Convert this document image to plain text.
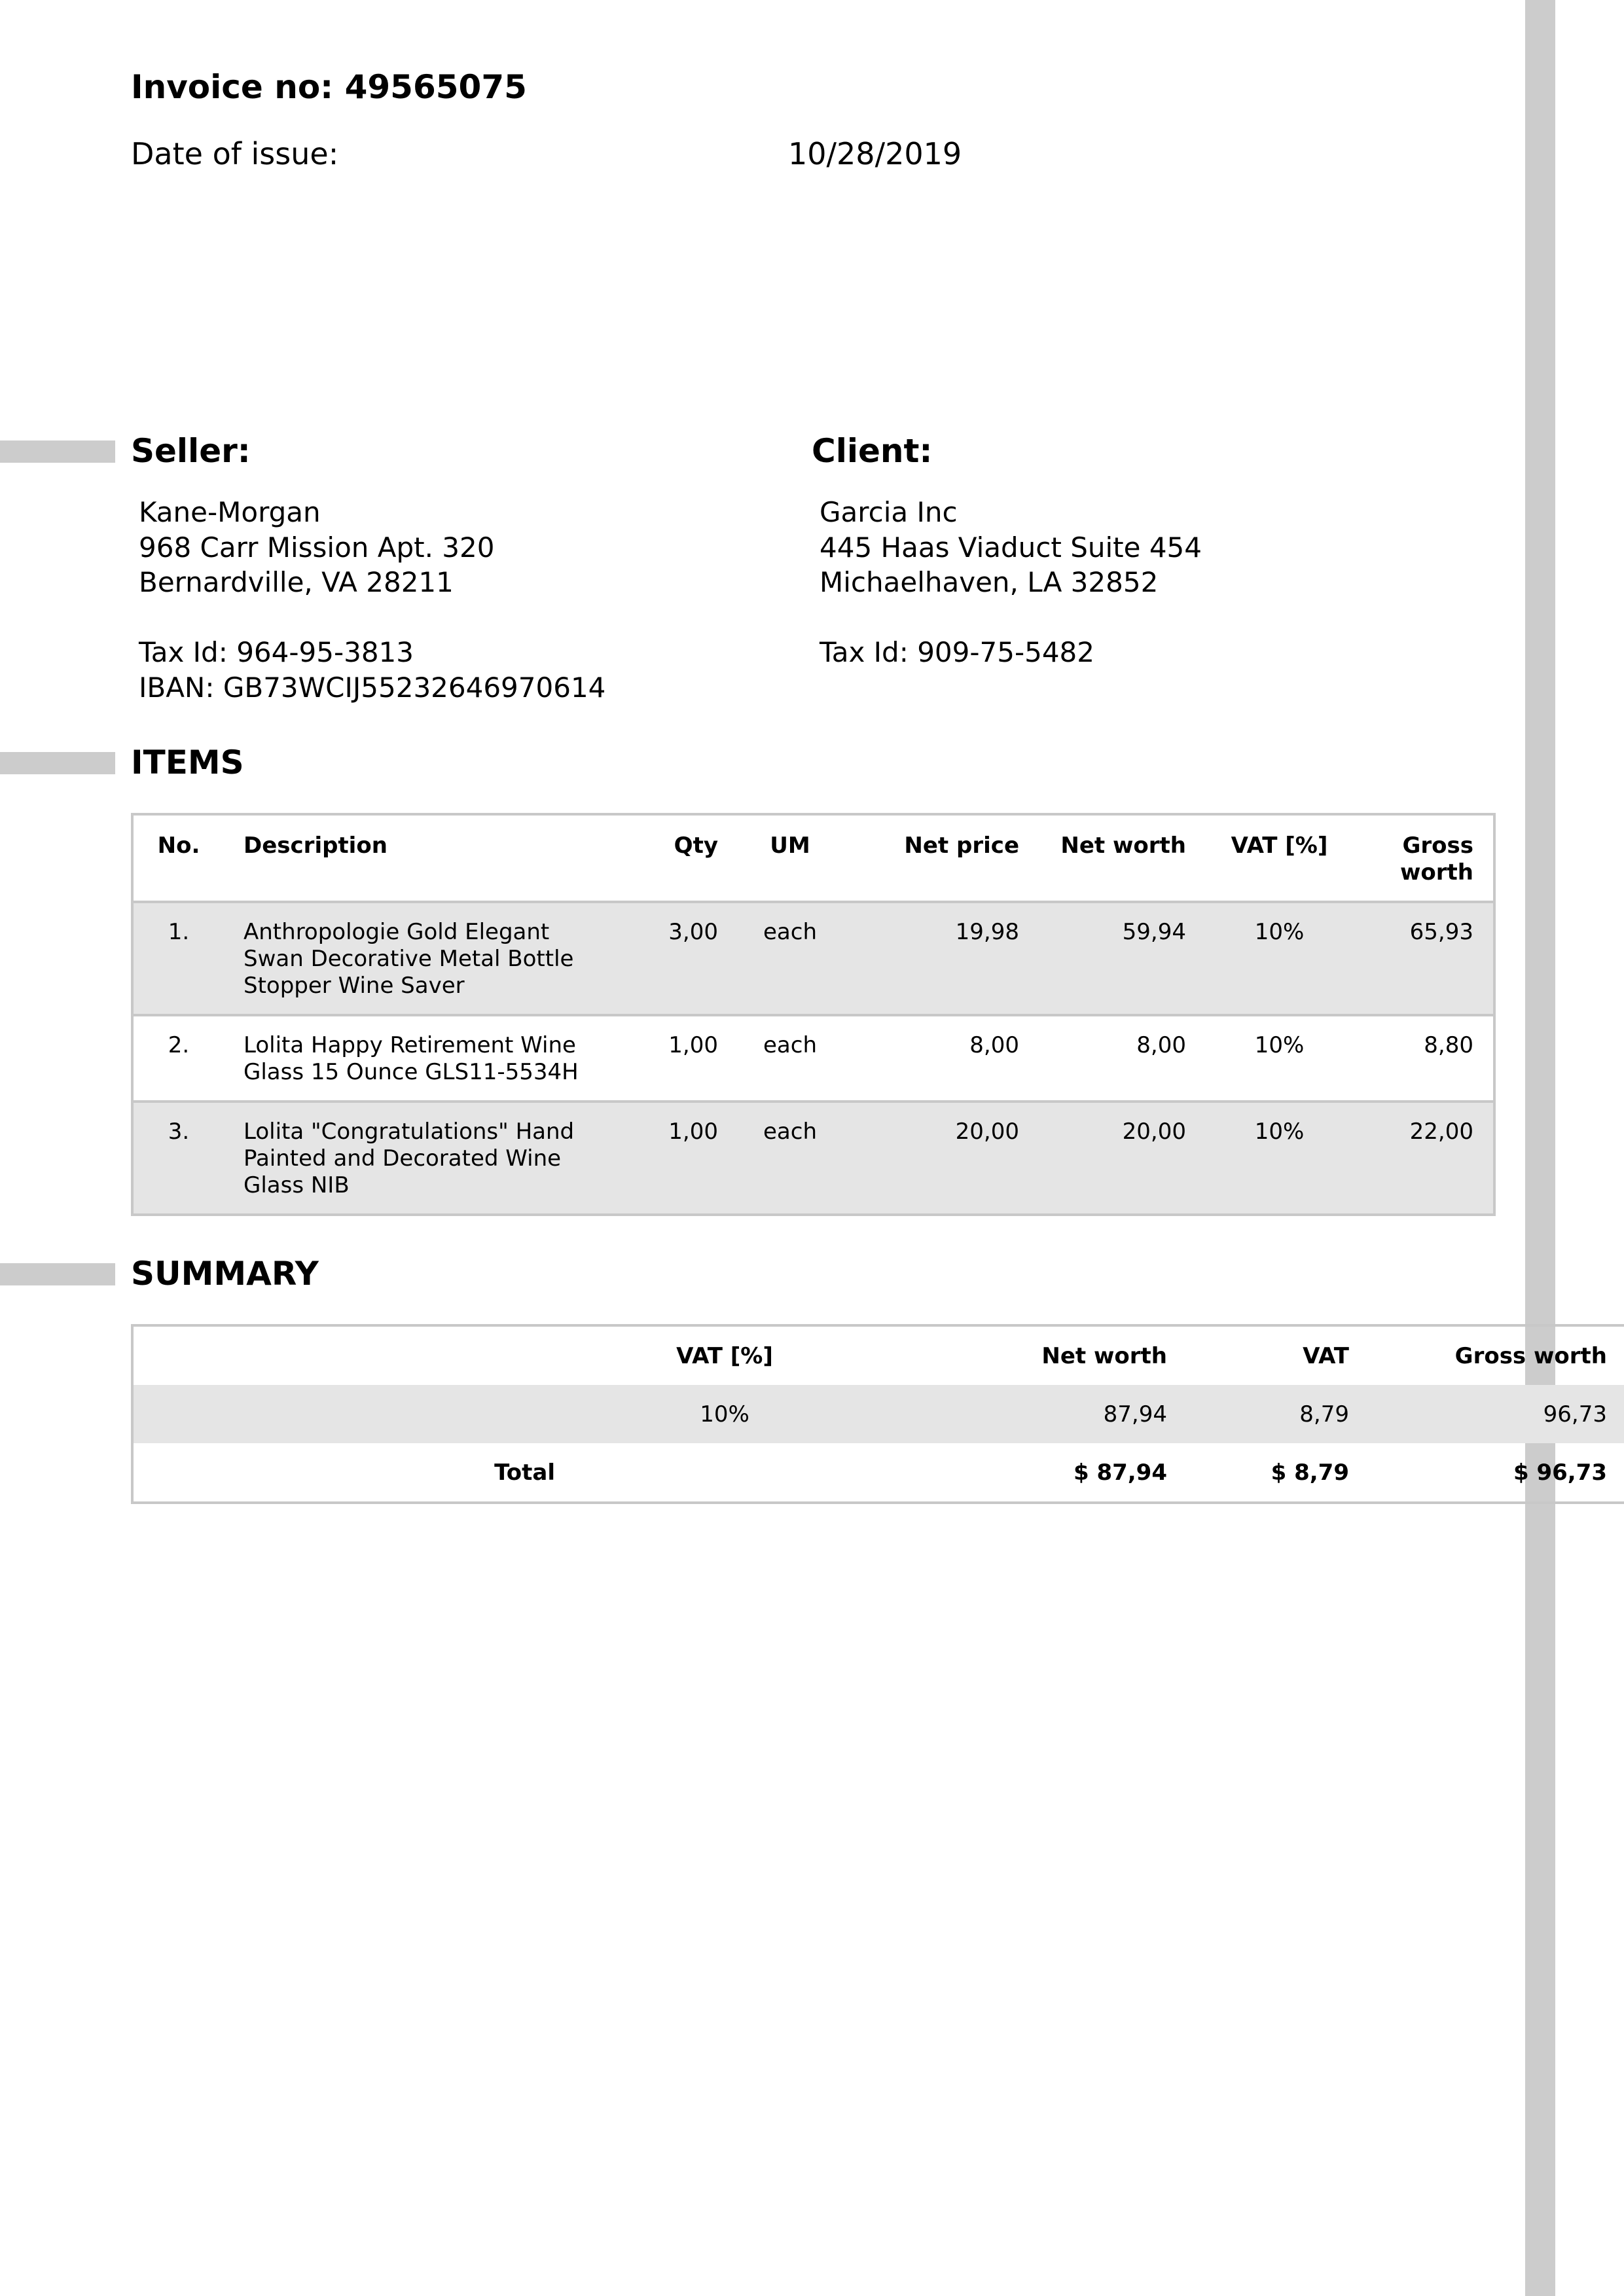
Invoice no: 49565075
Date of issue:	10/28/2019
Seller:
Kane-Morgan
968 Carr Mission Apt. 320
Bernardville, VA 28211
Tax Id: 964-95-3813
IBAN: GB73WCIJ55232646970614
Client:
Garcia Inc
445 Haas Viaduct Suite 454
Michaelhaven, LA 32852
Tax Id: 909-75-5482
ITEMS
No.	Description	Qty	UM	Net price	Net worth	VAT [%]	Gross
worth
1.	Anthropologie Gold Elegant
Swan Decorative Metal Bottle
Stopper Wine Saver	3,00	each	19,98	59,94	10%	65,93
2.	Lolita Happy Retirement Wine
Glass 15 Ounce GLS11-5534H	1,00	each	8,00	8,00	10%	8,80
3.	Lolita "Congratulations" Hand
Painted and Decorated Wine
Glass NIB	1,00	each	20,00	20,00	10%	22,00
SUMMARY
	VAT [%]	Net worth	VAT	Gross worth
	10%	87,94	8,79	96,73
Total		$ 87,94	$ 8,79	$ 96,73
